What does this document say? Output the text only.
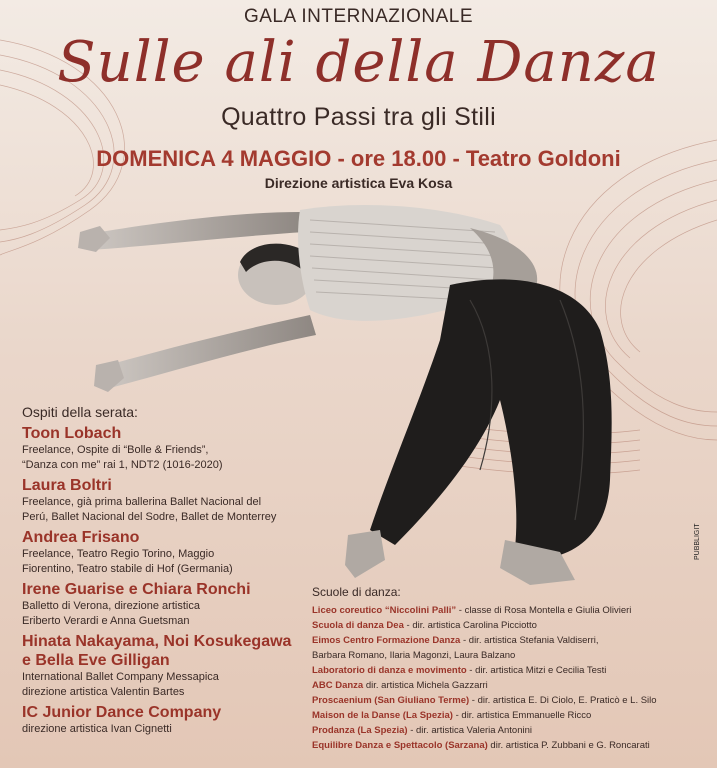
GALA INTERNAZIONALE
Sulle ali della Danza
Quattro Passi tra gli Stili
DOMENICA 4 MAGGIO - ore 18.00 - Teatro Goldoni
Direzione artistica Eva Kosa
Ospiti della serata:
Toon Lobach
Freelance, Ospite di “Bolle & Friends”,
“Danza con me” rai 1, NDT2 (1016-2020)
Laura Boltri
Freelance, già prima ballerina Ballet Nacional del
Perú, Ballet Nacional del Sodre, Ballet de Monterrey
Andrea Frisano
Freelance, Teatro Regio Torino, Maggio
Fiorentino, Teatro stabile di Hof (Germania)
Irene Guarise e Chiara Ronchi
Balletto di Verona, direzione artistica
Eriberto Verardi e Anna Guetsman
Hinata Nakayama, Noi Kosukegawa
e Bella Eve Gilligan
International Ballet Company Messapica
direzione artistica Valentin Bartes
IC Junior Dance Company
direzione artistica Ivan Cignetti
Scuole di danza:
Liceo coreutico “Niccolini Palli” - classe di Rosa Montella e Giulia Olivieri
Scuola di danza Dea - dir. artistica Carolina Picciotto
Eimos Centro Formazione Danza - dir. artistica Stefania Valdiserri,
Barbara Romano, Ilaria Magonzi, Laura Balzano
Laboratorio di danza e movimento - dir. artistica Mitzi e Cecilia Testi
ABC Danza dir. artistica Michela Gazzarri
Proscaenium (San Giuliano Terme) - dir. artistica E. Di Ciolo, E. Praticò e L. Silo
Maison de la Danse (La Spezia) - dir. artistica Emmanuelle Ricco
Prodanza (La Spezia) - dir. artistica Valeria Antonini
Equilibre Danza e Spettacolo (Sarzana) dir. artistica P. Zubbani e G. Roncarati
PUBBLIGIT
